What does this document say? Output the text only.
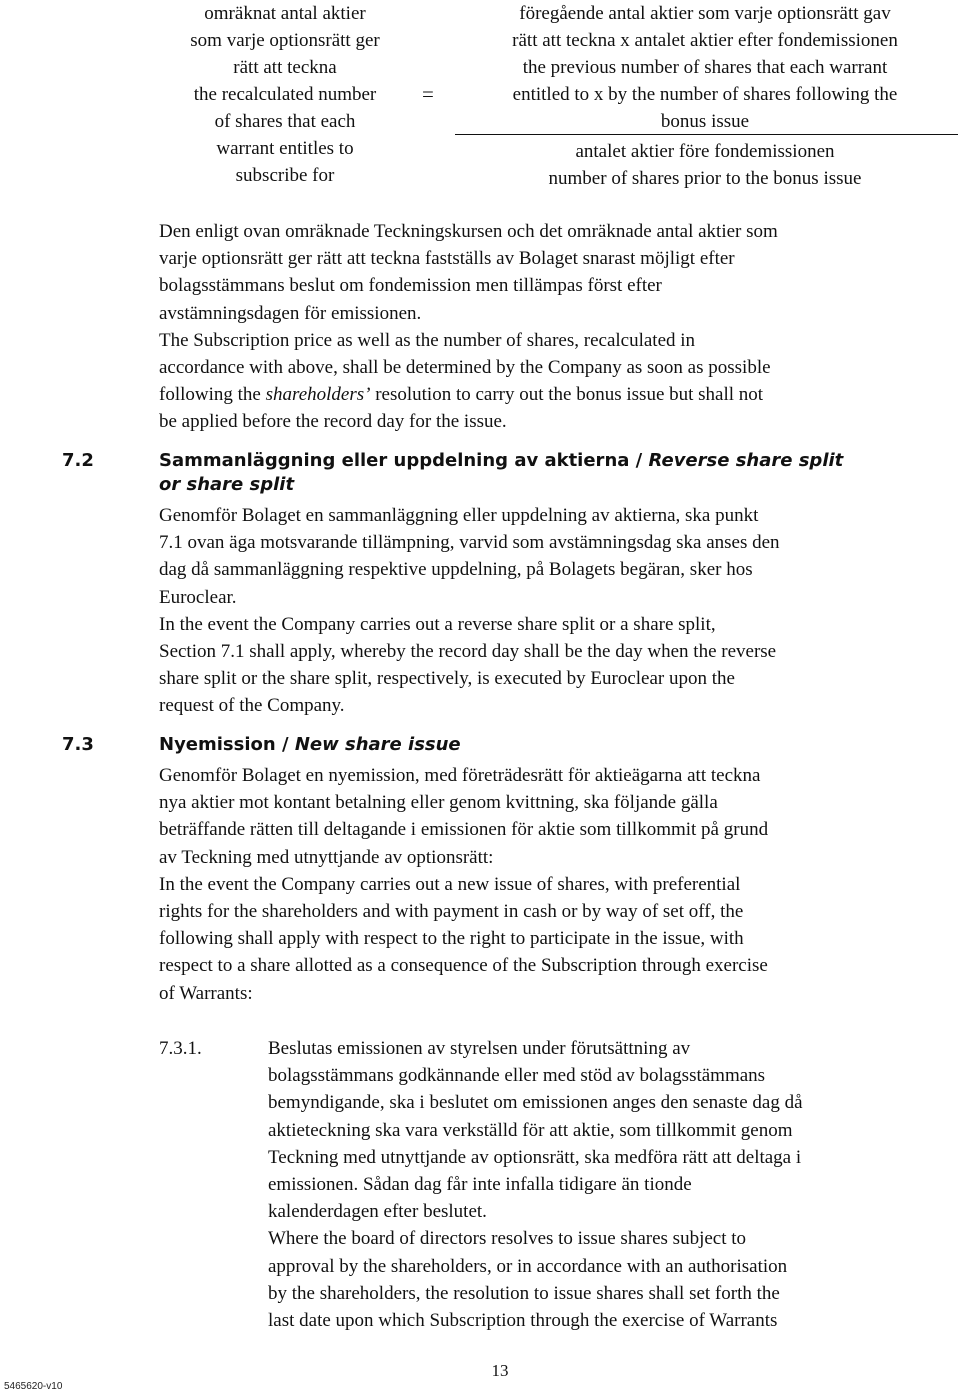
omräknat antal aktier
som varje optionsrätt ger
rätt att teckna
the recalculated number
of shares that each
warrant entitles to
subscribe for
=
föregående antal aktier som varje optionsrätt gav
rätt att teckna x antalet aktier efter fondemissionen
the previous number of shares that each warrant
entitled to x by the number of shares following the
bonus issue
antalet aktier före fondemissionen
number of shares prior to the bonus issue
Den enligt ovan omräknade Teckningskursen och det omräknade antal aktier som
varje optionsrätt ger rätt att teckna fastställs av Bolaget snarast möjligt efter
bolagsstämmans beslut om fondemission men tillämpas först efter
avstämningsdagen för emissionen.
The Subscription price as well as the number of shares, recalculated in
accordance with above, shall be determined by the Company as soon as possible
following the shareholders’ resolution to carry out the bonus issue but shall not
be applied before the record day for the issue.
7.2	Sammanläggning eller uppdelning av aktierna / Reverse share split
or share split
Genomför Bolaget en sammanläggning eller uppdelning av aktierna, ska punkt
7.1 ovan äga motsvarande tillämpning, varvid som avstämningsdag ska anses den
dag då sammanläggning respektive uppdelning, på Bolagets begäran, sker hos
Euroclear.
In the event the Company carries out a reverse share split or a share split,
Section 7.1 shall apply, whereby the record day shall be the day when the reverse
share split or the share split, respectively, is executed by Euroclear upon the
request of the Company.
7.3	Nyemission / New share issue
Genomför Bolaget en nyemission, med företrädesrätt för aktieägarna att teckna
nya aktier mot kontant betalning eller genom kvittning, ska följande gälla
beträffande rätten till deltagande i emissionen för aktie som tillkommit på grund
av Teckning med utnyttjande av optionsrätt:
In the event the Company carries out a new issue of shares, with preferential
rights for the shareholders and with payment in cash or by way of set off, the
following shall apply with respect to the right to participate in the issue, with
respect to a share allotted as a consequence of the Subscription through exercise
of Warrants:
7.3.1.	Beslutas emissionen av styrelsen under förutsättning av
bolagsstämmans godkännande eller med stöd av bolagsstämmans
bemyndigande, ska i beslutet om emissionen anges den senaste dag då
aktieteckning ska vara verkställd för att aktie, som tillkommit genom
Teckning med utnyttjande av optionsrätt, ska medföra rätt att deltaga i
emissionen. Sådan dag får inte infalla tidigare än tionde
kalenderdagen efter beslutet.
Where the board of directors resolves to issue shares subject to
approval by the shareholders, or in accordance with an authorisation
by the shareholders, the resolution to issue shares shall set forth the
last date upon which Subscription through the exercise of Warrants
13
5465620-v10
